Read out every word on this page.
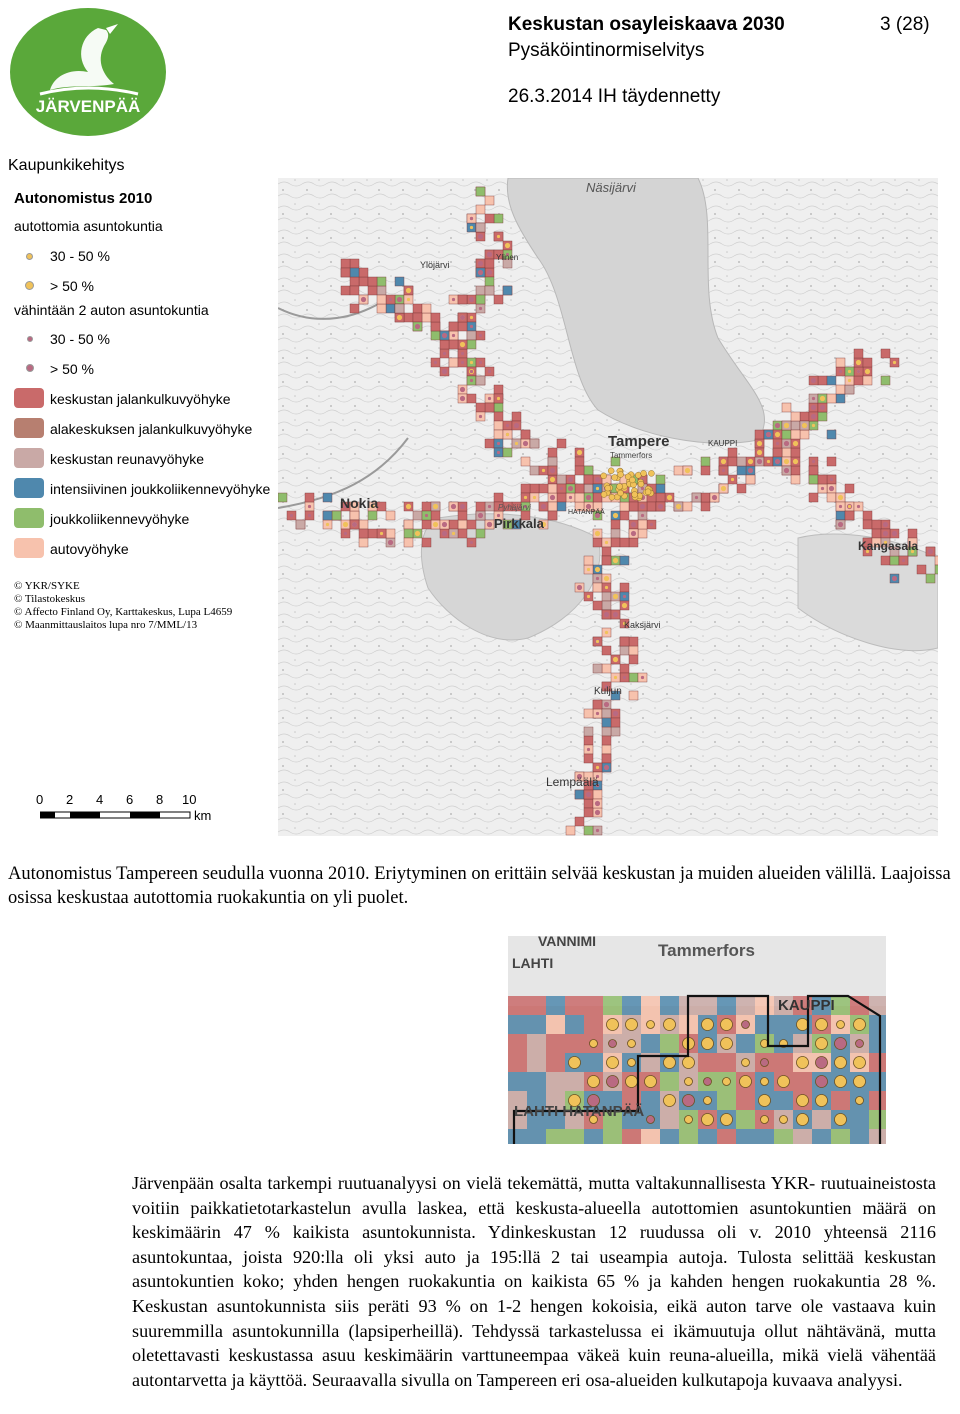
JÄRVENPÄÄ
Keskustan osayleiskaava 2030
Pysäköintinormiselvitys
3 (28)
26.3.2014 IH täydennetty
Kaupunkikehitys
Autonomistus 2010
autottomia asuntokuntia
30 - 50 %
> 50 %
vähintään 2 auton asuntokuntia
30 - 50 %
> 50 %
keskustan jalankulkuvyöhyke
alakeskuksen jalankulkuvyöhyke
keskustan reunavyöhyke
intensiivinen joukkoliikennevyöhyke
joukkoliikennevyöhyke
autovyöhyke
© YKR/SYKE
© Tilastokeskus
© Affecto Finland Oy, Karttakeskus, Lupa L4659
© Maanmittauslaitos lupa nro 7/MML/13
0 2 4 6 8 10
km
Näsijärvi
Tampere
Tammerfors
Nokia
Pirkkala
Kangasala
Lempäälä
Ylöjärvi
Ylinen
Kaksjärvi
Kuljun
Pyhäjärvi
HATANPÄÄ
KAUPPI
Autonomistus Tampereen seudulla vuonna 2010. Eriytyminen on erittäin selvää keskustan ja muiden alueiden välillä. Laajoissa osissa keskustaa autottomia ruokakuntia on yli puolet.
Tammerfors
VANNIMI
KAUPPI
LAHTI
LAHTI HATANPÄÄ
Järvenpään osalta tarkempi ruutuanalyysi on vielä tekemättä, mutta valtakunnallisesta YKR- ruutuaineistosta voitiin paikkatietotarkastelun avulla laskea, että keskusta-alueella autottomien asuntokuntien määrä on keskimäärin 47 % kaikista asuntokunnista. Ydinkeskustan 12 ruudussa oli v. 2010 yhteensä 2116 asuntokuntaa, joista 920:lla oli yksi auto ja 195:llä 2 tai useampia autoja. Tulosta selittää keskustan asuntokuntien koko; yhden hengen ruokakuntia on kaikista 65 % ja kahden hengen ruokakuntia 28 %. Keskustan asuntokunnista siis peräti 93 % on 1-2 hengen kokoisia, eikä auton tarve ole vastaava kuin suuremmilla asuntokunnilla (lapsiperheillä). Tehdyssä tarkastelussa ei ikämuutuja ollut nähtävänä, mutta oletettavasti keskustassa asuu keskimäärin varttuneempaa väkeä kuin reuna-alueilla, mikä vielä vähentää autontarvetta ja käyttöä. Seuraavalla sivulla on Tampereen eri osa-alueiden kulkutapoja kuvaava analyysi.
